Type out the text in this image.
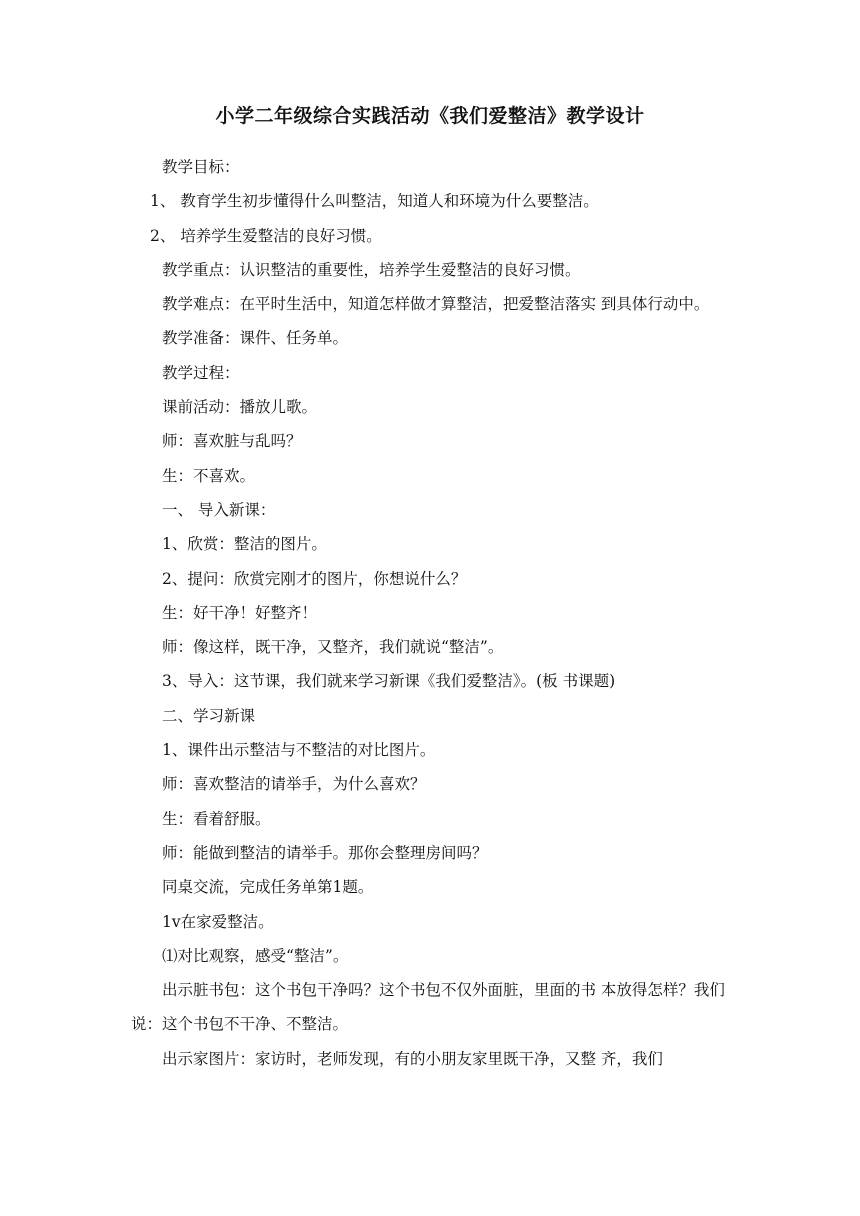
小学二年级综合实践活动《我们爱整洁》教学设计

教学目标：

1、 教育学生初步懂得什么叫整洁，知道人和环境为什么要整洁。

2、 培养学生爱整洁的良好习惯。

教学重点：认识整洁的重要性，培养学生爱整洁的良好习惯。

教学难点：在平时生活中，知道怎样做才算整洁，把爱整洁落实 到具体行动中。

教学准备：课件、任务单。

教学过程：

课前活动：播放儿歌。

师：喜欢脏与乱吗？

生：不喜欢。

一、 导入新课：

1、欣赏：整洁的图片。

2、提问：欣赏完刚才的图片，你想说什么？

生：好干净！好整齐！

师：像这样，既干净，又整齐，我们就说“整洁”。

3、导入：这节课，我们就来学习新课《我们爱整洁》。(板 书课题)

二、学习新课

1、课件出示整洁与不整洁的对比图片。

师：喜欢整洁的请举手，为什么喜欢？

生：看着舒服。

师：能做到整洁的请举手。那你会整理房间吗？

同桌交流，完成任务单第1题。

1v在家爱整洁。

⑴对比观察，感受“整洁”。

出示脏书包：这个书包干净吗？这个书包不仅外面脏，里面的书 本放得怎样？我们说：这个书包不干净、不整洁。

出示家图片：家访时，老师发现，有的小朋友家里既干净，又整 齐，我们
